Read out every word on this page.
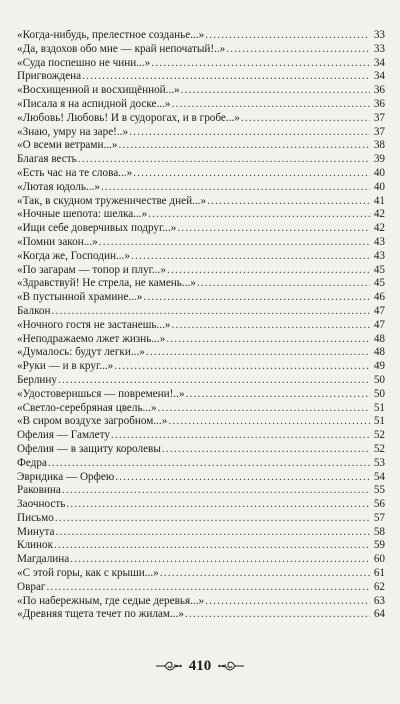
«Когда-нибудь, прелестное созданье...» .....	33
«Да, вздохов обо мне — край непочатый!..» .....	33
«Суда поспешно не чини...» .....	34
Пригвождена .....	34
«Восхищенной и восхищённой...» .....	36
«Писала я на аспидной доске...» .....	36
«Любовь! Любовь! И в судорогах, и в гробе...» .....	37
«Знаю, умру на заре!..» .....	37
«О всеми ветрами...» .....	38
Благая весть .....	39
«Есть час на те слова...» .....	40
«Лютая юдоль...» .....	40
«Так, в скудном труженичестве дней...» .....	41
«Ночные шепота: шелка...» .....	42
«Ищи себе доверчивых подруг...» .....	42
«Помни закон...» .....	43
«Когда же, Господин...» .....	43
«По загарам — топор и плуг...» .....	45
«Здравствуй! Не стрела, не камень...» .....	45
«В пустынной храмине...» .....	46
Балкон .....	47
«Ночного гостя не застанешь...» .....	47
«Неподражаемо лжет жизнь...» .....	48
«Думалось: будут легки...» .....	48
«Руки — и в круг...» .....	49
Берлину .....	50
«Удостоверишься — повремени!..» .....	50
«Светло-серебряная цвель...» .....	51
«В сиром воздухе загробном...» .....	51
Офелия — Гамлету .....	52
Офелия — в защиту королевы .....	52
Федра .....	53
Эвридика — Орфею .....	54
Раковина .....	55
Заочность .....	56
Письмо .....	57
Минута .....	58
Клинок .....	59
Магдалина .....	60
«С этой горы, как с крыши...» .....	61
Овраг .....	62
«По набережным, где седые деревья...» .....	63
«Древняя тщета течет по жилам...» .....	64
410
